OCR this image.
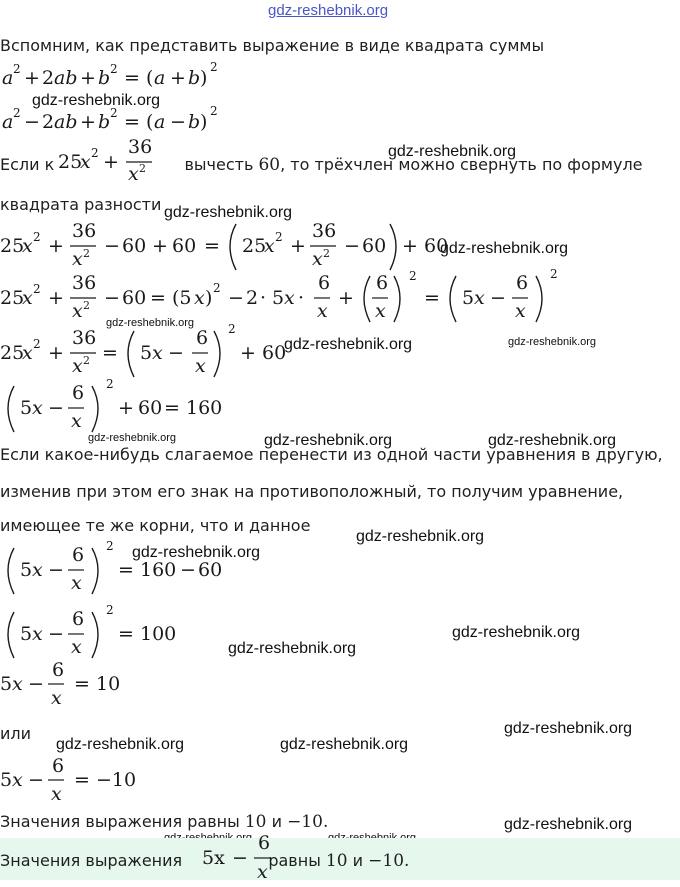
gdz-reshebnik.org
gdz-reshebnik.org
gdz-reshebnik.org
gdz-reshebnik.org
gdz-reshebnik.org
gdz-reshebnik.org
gdz-reshebnik.org	gdz-reshebnik.org
gdz-reshebnik.org	gdz-reshebnik.org	gdz-reshebnik.org
gdz-reshebnik.org
gdz-reshebnik.org
gdz-reshebnik.org
gdz-reshebnik.org
gdz-reshebnik.org
gdz-reshebnik.org	gdz-reshebnik.org
gdz-reshebnik.org
Вспомним, как представить выражение в виде квадрата суммы
a 2 + 2 ab + b 2 = ( a + b ) 2
a 2 − 2 ab + b 2 = ( a − b ) 2
Если к	вычесть 60, то трёхчлен можно свернуть по формуле
25
x 2 +
36
x 2
квадрата разности
25
x 2 +
36
x 2 − 60 + 60 = 25
x 2 +
36
x 2 − 60 + 60
25
x 2 +
36
x 2 − 60 = (5 x ) 2 − 2 · 5 x ·
6
x
+
6
x
2
= 5 x −
6
x
2
25
x 2 +
36
x 2 = 5 x −
6
x
2
+ 60
5 x −
6
x
2
+ 60 = 160
Если какое-нибудь слагаемое перенести из одной части уравнения в другую,
изменив при этом его знак на противоположный, то получим уравнение,
имеющее те же корни, что и данное
5 x −
6
x
2
= 160 − 60
5 x −
6
x
2
= 100
5 x −
6
x
= 10
или
5 x −
6
x
= −10
Значения выражения равны 10 и −10.
Значения выражения	равны 10 и −10.
5x −
6
x
